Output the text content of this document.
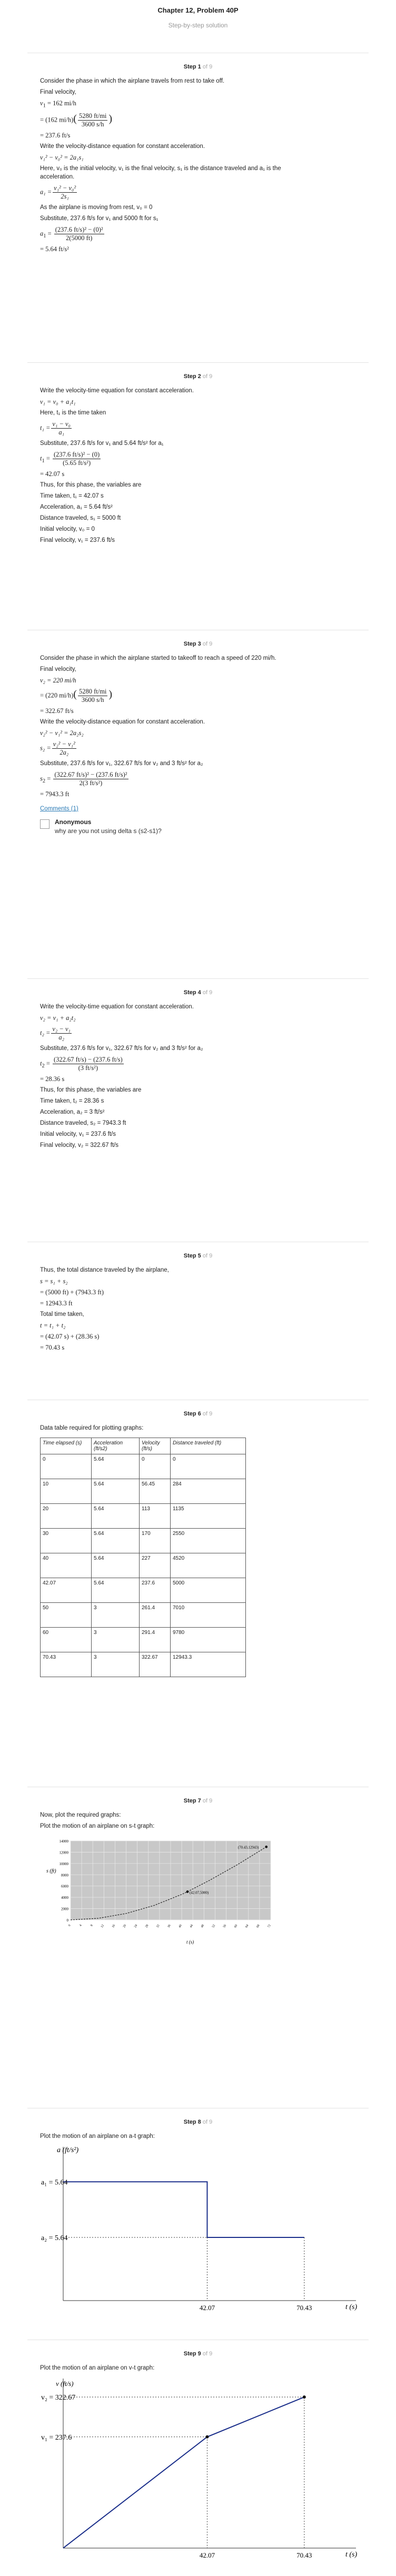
Chapter 12, Problem 40P
Step-by-step solution
Step 1 of 9
Consider the phase in which the airplane travels from rest to take off.
Final velocity,
$v_1 = 162$ mi/h
= (162 $mi/h)( \frac{5280 ft/mi}{3600 s/h}$ )
= 237.6 ft/s
Write the velocity-distance equation for constant acceleration.
v₁² − v₀² = 2a₁s₁
Here, v₀ is the initial velocity, v₁ is the final velocity, s₁ is the distance traveled and a₁ is the
acceleration.
$a_1 = \frac{\text{v₁² − v₀²}}{\text{2s₁}}$
As the airplane is moving from rest, v₀ = 0
Substitute, 237.6 ft/s for v₁ and 5000 ft for s₁
$a_1 = \frac{\text{(237.6 ft/s)² − (0)²}}{2(5000 ft)}$
= 5.64 ft/s²
Step 2 of 9
Write the velocity-time equation for constant acceleration.
v₁ = v₀ + a₁t₁
Here, t₁ is the time taken
$t_1 = \frac{\text{v₁ − v₀}}{\text{a₁}}$
Substitute, 237.6 ft/s for v₁ and 5.64 ft/s² for a₁
$t_1 = \frac{\text{(237.6 ft/s)² − (0)}}{\text{(5.65 ft/s²)}}$
= 42.07 s
Thus, for this phase, the variables are
Time taken, t₁ = 42.07 s
Acceleration, a₁ = 5.64 ft/s²
Distance traveled, s₁ = 5000 ft
Initial velocity, v₀ = 0
Final velocity, v₁ = 237.6 ft/s
Step 3 of 9
Consider the phase in which the airplane started to takeoff to reach a speed of 220 mi/h.
Final velocity,
v₂ = 220 mi/h
= (220 $mi/h)( \frac{5280 ft/mi}{3600 s/h}$ )
= 322.67 ft/s
Write the velocity-distance equation for constant acceleration.
v₂² − v₁² = 2a₂s₂
$s_2 = \frac{\text{v₂² − v₁²}}{\text{2a₂}}$
Substitute, 237.6 ft/s for v₁, 322.67 ft/s for v₂ and 3 ft/s² for a₂
$s_2 = \frac{\text{(322.67 ft/s)² − (237.6 ft/s)²}}{\text{2(3 ft/s²)}}$
= 7943.3 ft
Comments (1)
Anonymous
why are you not using delta s (s2-s1)?
Step 4 of 9
Write the velocity-time equation for constant acceleration.
v₂ = v₁ + a₂t₂
$t_2 = \frac{\text{v₂ − v₁}}{\text{a₂}}$
Substitute, 237.6 ft/s for v₁, 322.67 ft/s for v₂ and 3 ft/s² for a₂
$t_2 = \frac{(322.67 ft/s) - (237.6 ft/s)}{\text{(3 ft/s²)}}$
= 28.36 s
Thus, for this phase, the variables are
Time taken, t₂ = 28.36 s
Acceleration, a₂ = 3 ft/s²
Distance traveled, s₂ = 7943.3 ft
Initial velocity, v₁ = 237.6 ft/s
Final velocity, v₂ = 322.67 ft/s
Step 5 of 9
Thus, the total distance traveled by the airplane,
s = s₁ + s₂
= (5000 ft) + (7943.3 ft)
= 12943.3 ft
Total time taken,
t = t₁ + t₂
= (42.07 s) + (28.36 s)
= 70.43 s
Step 6 of 9
Data table required for plotting graphs:
Time elapsed (s)	Acceleration (ft/s2)	Velocity (ft/s)	Distance traveled (ft)
0	5.64	0	0
10	5.64	56.45	284
20	5.64	113	1135
30	5.64	170	2550
40	5.64	227	4520
42.07	5.64	237.6	5000
50	3	261.4	7010
60	3	291.4	9780
70.43	3	322.67	12943.3
Step 7 of 9
Now, plot the required graphs:
Plot the motion of an airplane on s-t graph:
0
2000
4000
6000
8000
10000
12000
14000
0 4 8 12 16 20 24 28 32 36 40 44 48 52 56 60 64 68 72
s (ft)
t (s)
(42.07,5000)
(70.43,12943)
Step 8 of 9
Plot the motion of an airplane on a-t graph:
a (ft/s²)
t (s)
a₁ = 5.64
a₂ = 5.64
42.07	70.43
Step 9 of 9
Plot the motion of an airplane on v-t graph:
v (ft/s)
t (s)
v₂ = 322.67
v₁ = 237.6
42.07	70.43
